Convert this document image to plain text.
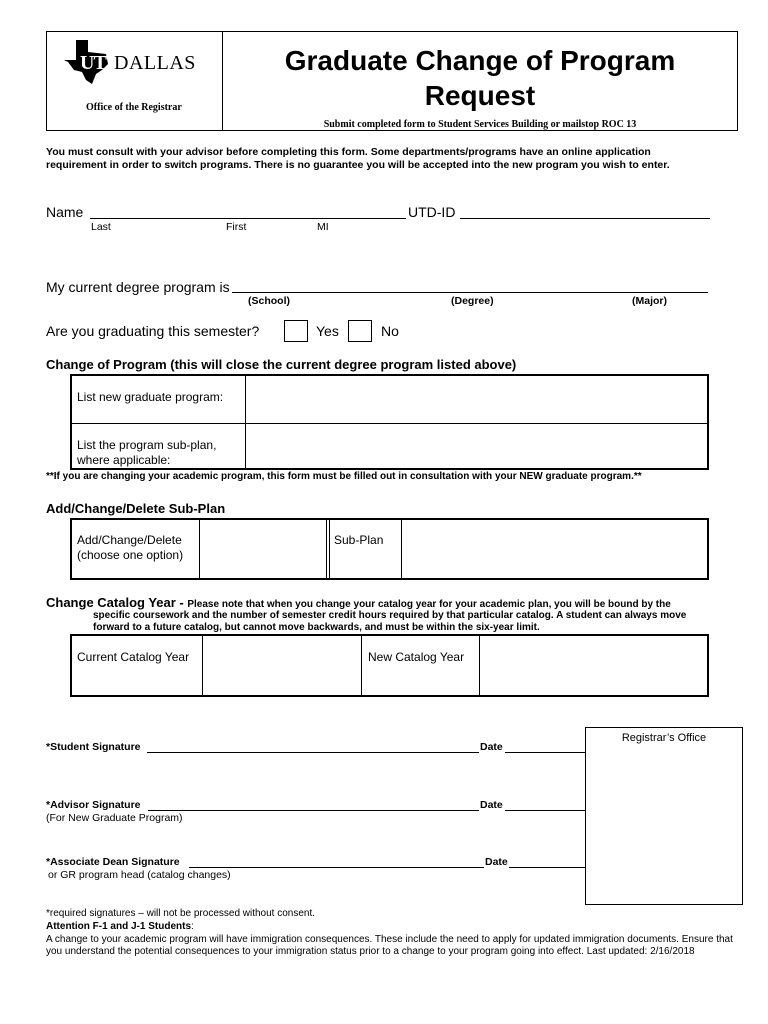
UT DALLAS
Office of the Registrar
Graduate Change of Program
Request
Submit completed form to Student Services Building or mailstop ROC 13
You must consult with your advisor before completing this form. Some departments/programs have an online application
requirement in order to switch programs. There is no guarantee you will be accepted into the new program you wish to enter.
Name	UTD-ID
Last	First	MI
My current degree program is
(School)	(Degree)	(Major)
Are you graduating this semester?	Yes	No
Change of Program (this will close the current degree program listed above)
List new graduate program:
List the program sub-plan,
where applicable:
**If you are changing your academic program, this form must be filled out in consultation with your NEW graduate program.**
Add/Change/Delete Sub-Plan
Add/Change/Delete
(choose one option)
Sub-Plan
Change Catalog Year - Please note that when you change your catalog year for your academic plan, you will be bound by the
specific coursework and the number of semester credit hours required by that particular catalog. A student can always move
forward to a future catalog, but cannot move backwards, and must be within the six-year limit.
Current Catalog Year	New Catalog Year
Registrar’s Office
*Student Signature	Date
*Advisor Signature	Date
(For New Graduate Program)
*Associate Dean Signature	Date
or GR program head (catalog changes)
*required signatures – will not be processed without consent.
Attention F-1 and J-1 Students:
A change to your academic program will have immigration consequences. These include the need to apply for updated immigration documents. Ensure that
you understand the potential consequences to your immigration status prior to a change to your program going into effect. Last updated: 2/16/2018
